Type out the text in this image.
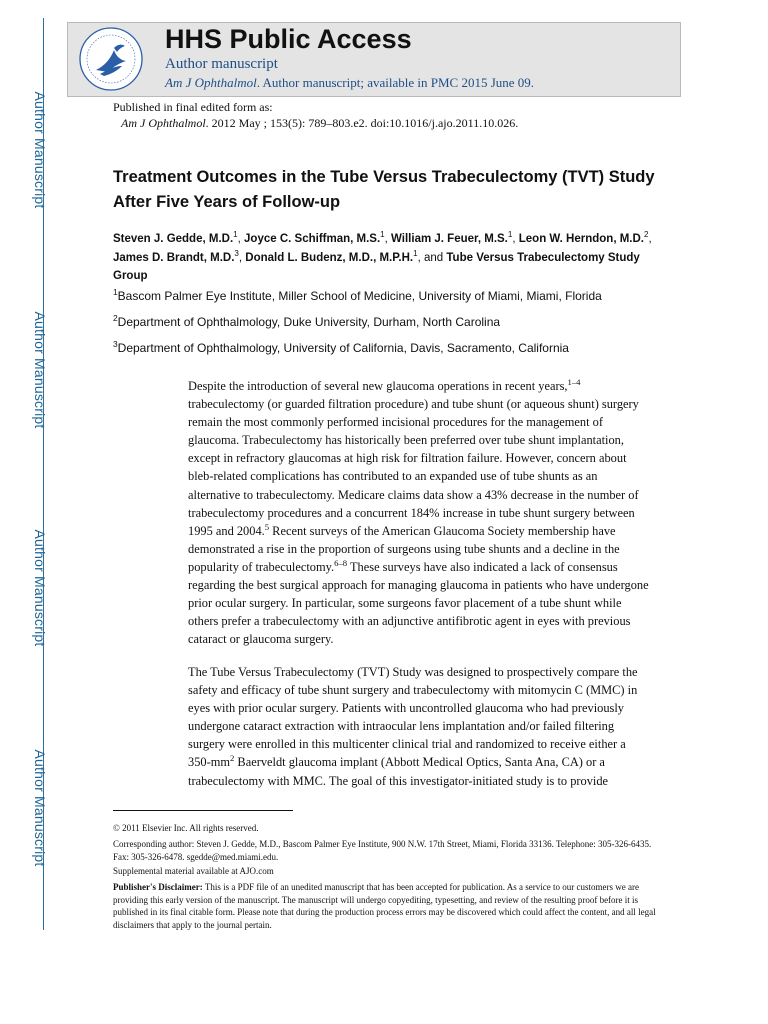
Author Manuscript
Author Manuscript
Author Manuscript
Author Manuscript
HHS Public Access
Author manuscript
Am J Ophthalmol. Author manuscript; available in PMC 2015 June 09.
Published in final edited form as:
Am J Ophthalmol. 2012 May ; 153(5): 789–803.e2. doi:10.1016/j.ajo.2011.10.026.
Treatment Outcomes in the Tube Versus Trabeculectomy (TVT) Study After Five Years of Follow-up
Steven J. Gedde, M.D.$^1$, Joyce C. Schiffman, M.S.$^1$, William J. Feuer, M.S.$^1$, Leon W. Herndon, M.D.$^2$, James D. Brandt, M.D.$^3$, Donald L. Budenz, M.D., M.P.H.$^1$, and Tube Versus Trabeculectomy Study Group
$^1$Bascom Palmer Eye Institute, Miller School of Medicine, University of Miami, Miami, Florida
$^2$Department of Ophthalmology, Duke University, Durham, North Carolina
$^3$Department of Ophthalmology, University of California, Davis, Sacramento, California
Despite the introduction of several new glaucoma operations in recent years,$^{1-4}$ trabeculectomy (or guarded filtration procedure) and tube shunt (or aqueous shunt) surgery remain the most commonly performed incisional procedures for the management of glaucoma. Trabeculectomy has historically been preferred over tube shunt implantation, except in refractory glaucomas at high risk for filtration failure. However, concern about bleb-related complications has contributed to an expanded use of tube shunts as an alternative to trabeculectomy. Medicare claims data show a 43% decrease in the number of trabeculectomy procedures and a concurrent 184% increase in tube shunt surgery between 1995 and 2004.$^5$ Recent surveys of the American Glaucoma Society membership have demonstrated a rise in the proportion of surgeons using tube shunts and a decline in the popularity of trabeculectomy.$^{6-8}$ These surveys have also indicated a lack of consensus regarding the best surgical approach for managing glaucoma in patients who have undergone prior ocular surgery. In particular, some surgeons favor placement of a tube shunt while others prefer a trabeculectomy with an adjunctive antifibrotic agent in eyes with previous cataract or glaucoma surgery.
The Tube Versus Trabeculectomy (TVT) Study was designed to prospectively compare the safety and efficacy of tube shunt surgery and trabeculectomy with mitomycin C (MMC) in eyes with prior ocular surgery. Patients with uncontrolled glaucoma who had previously undergone cataract extraction with intraocular lens implantation and/or failed filtering surgery were enrolled in this multicenter clinical trial and randomized to receive either a $350-mm^2$ Baerveldt glaucoma implant (Abbott Medical Optics, Santa Ana, CA) or a trabeculectomy with MMC. The goal of this investigator-initiated study is to provide
© 2011 Elsevier Inc. All rights reserved.
Corresponding author: Steven J. Gedde, M.D., Bascom Palmer Eye Institute, 900 N.W. 17th Street, Miami, Florida 33136. Telephone: 305-326-6435. Fax: 305-326-6478. sgedde@med.miami.edu.
Supplemental material available at AJO.com
Publisher's Disclaimer: This is a PDF file of an unedited manuscript that has been accepted for publication. As a service to our customers we are providing this early version of the manuscript. The manuscript will undergo copyediting, typesetting, and review of the resulting proof before it is published in its final citable form. Please note that during the production process errors may be discovered which could affect the content, and all legal disclaimers that apply to the journal pertain.
